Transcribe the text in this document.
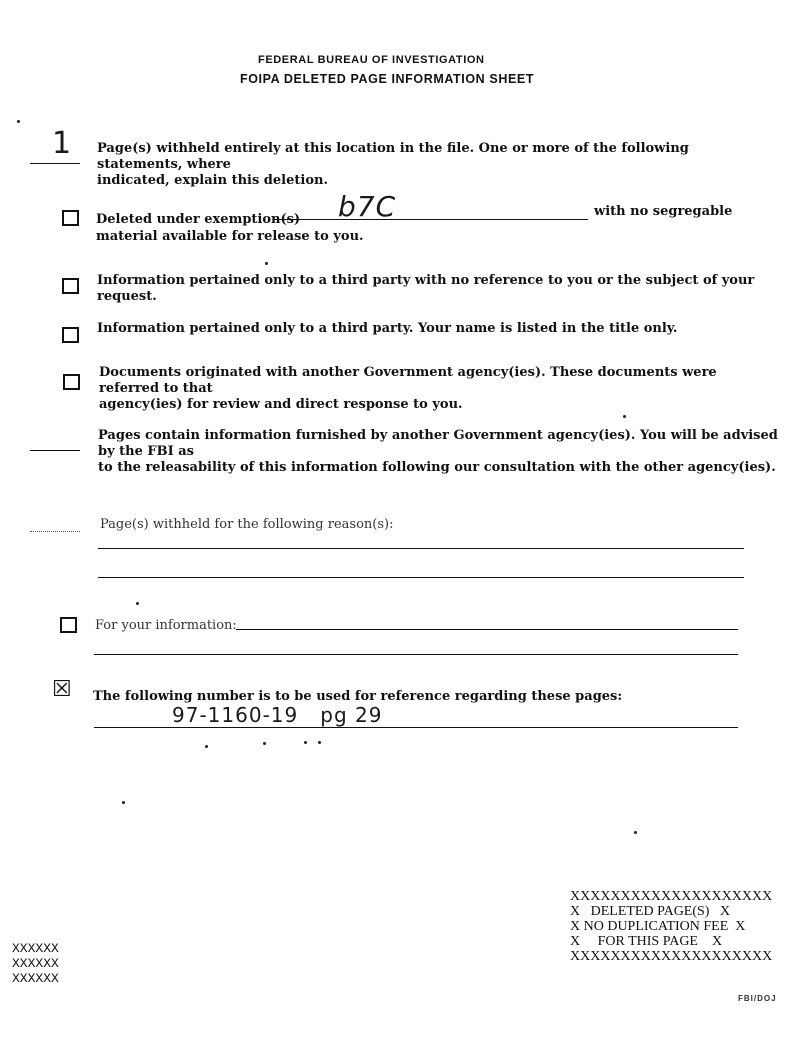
FEDERAL BUREAU OF INVESTIGATION
FOIPA DELETED PAGE INFORMATION SHEET
1 Page(s) withheld entirely at this location in the file. One or more of the following statements, where
indicated, explain this deletion.
Deleted under exemption(s) b7C	with no segregable
material available for release to you.
Information pertained only to a third party with no reference to you or the subject of your request.
Information pertained only to a third party. Your name is listed in the title only.
Documents originated with another Government agency(ies). These documents were referred to that
agency(ies) for review and direct response to you.
Pages contain information furnished by another Government agency(ies). You will be advised by the FBI as
to the releasability of this information following our consultation with the other agency(ies).
Page(s) withheld for the following reason(s):
For your information:
☒ The following number is to be used for reference regarding these pages:
97-1160-19   pg 29
XXXXXXXXXXXXXXXXXXXX
X   DELETED PAGE(S)   X
X NO DUPLICATION FEE  X
X     FOR THIS PAGE    X
XXXXXXXXXXXXXXXXXXXX
XXXXXX
XXXXXX
XXXXXX
FBI/DOJ
